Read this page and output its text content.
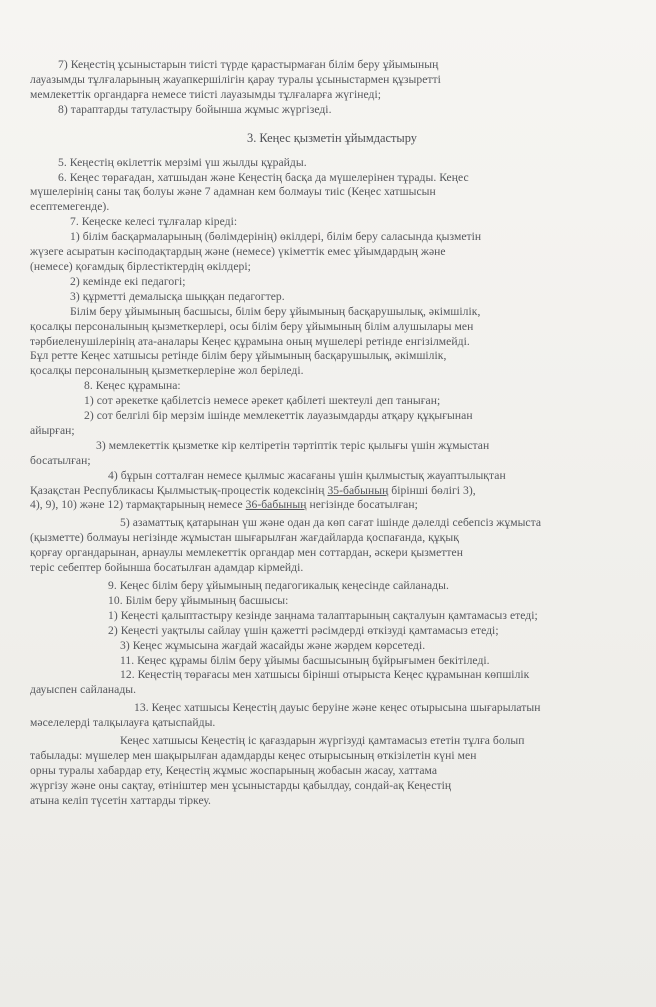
7) Кеңестің ұсыныстарын тиісті түрде қарастырмаған білім беру ұйымының
лауазымды тұлғаларының жауапкершілігін қарау туралы ұсыныстармен құзыретті
мемлекеттік органдарға немесе тиісті лауазымды тұлғаларға жүгінеді;
8) тараптарды татуластыру бойынша жұмыс жүргізеді.
3. Кеңес қызметін ұйымдастыру
5. Кеңестің өкілеттік мерзімі үш жылды құрайды.
6. Кеңес төрағадан, хатшыдан және Кеңестің басқа да мүшелерінен тұрады. Кеңес
мүшелерінің саны тақ болуы және 7 адамнан кем болмауы тиіс (Кеңес хатшысын
есептемегенде).
7. Кеңеске келесі тұлғалар кіреді:
1) білім басқармаларының (бөлімдерінің) өкілдері, білім беру саласында қызметін
жүзеге асыратын кәсіподақтардың және (немесе) үкіметтік емес ұйымдардың және
(немесе) қоғамдық бірлестіктердің өкілдері;
2) кемінде екі педагогі;
3) құрметті демалысқа шыққан педагогтер.
Білім беру ұйымының басшысы, білім беру ұйымының басқарушылық, әкімшілік,
қосалқы персоналының қызметкерлері, осы білім беру ұйымының білім алушылары мен
тәрбиеленушілерінің ата-аналары Кеңес құрамына оның мүшелері ретінде енгізілмейді.
Бұл ретте Кеңес хатшысы ретінде білім беру ұйымының басқарушылық, әкімшілік,
қосалқы персоналының қызметкерлеріне жол беріледі.
8. Кеңес құрамына:
1) сот әрекетке қабілетсіз немесе әрекет қабілеті шектеулі деп таныған;
2) сот белгілі бір мерзім ішінде мемлекеттік лауазымдарды атқару құқығынан
айырған;
3) мемлекеттік қызметке кір келтіретін тәртіптік теріс қылығы үшін жұмыстан
босатылған;
4) бұрын сотталған немесе қылмыс жасағаны үшін қылмыстық жауаптылықтан
Қазақстан Республикасы Қылмыстық-процестік кодексінің 35-бабының бірінші бөлігі 3),
4), 9), 10) және 12) тармақтарының немесе 36-бабының негізінде босатылған;
5) азаматтық қатарынан үш және одан да көп сағат ішінде дәлелді себепсіз жұмыста
(қызметте) болмауы негізінде жұмыстан шығарылған жағдайларда қоспағанда, құқық
қорғау органдарынан, арнаулы мемлекеттік органдар мен соттардан, әскери қызметтен
теріс себептер бойынша босатылған адамдар кірмейді.
9. Кеңес білім беру ұйымының педагогикалық кеңесінде сайланады.
10. Білім беру ұйымының басшысы:
1) Кеңесті қалыптастыру кезінде заңнама талаптарының сақталуын қамтамасыз етеді;
2) Кеңесті уақтылы сайлау үшін қажетті рәсімдерді өткізуді қамтамасыз етеді;
3) Кеңес жұмысына жағдай жасайды және жәрдем көрсетеді.
11. Кеңес құрамы білім беру ұйымы басшысының бұйрығымен бекітіледі.
12. Кеңестің төрағасы мен хатшысы бірінші отырыста Кеңес құрамынан көпшілік
дауыспен сайланады.
13. Кеңес хатшысы Кеңестің дауыс беруіне және кеңес отырысына шығарылатын
мәселелерді талқылауға қатыспайды.
Кеңес хатшысы Кеңестің іс қағаздарын жүргізуді қамтамасыз ететін тұлға болып
табылады: мүшелер мен шақырылған адамдарды кеңес отырысының өткізілетін күні мен
орны туралы хабардар ету, Кеңестің жұмыс жоспарының жобасын жасау, хаттама
жүргізу және оны сақтау, өтініштер мен ұсыныстарды қабылдау, сондай-ақ Кеңестің
атына келіп түсетін хаттарды тіркеу.
